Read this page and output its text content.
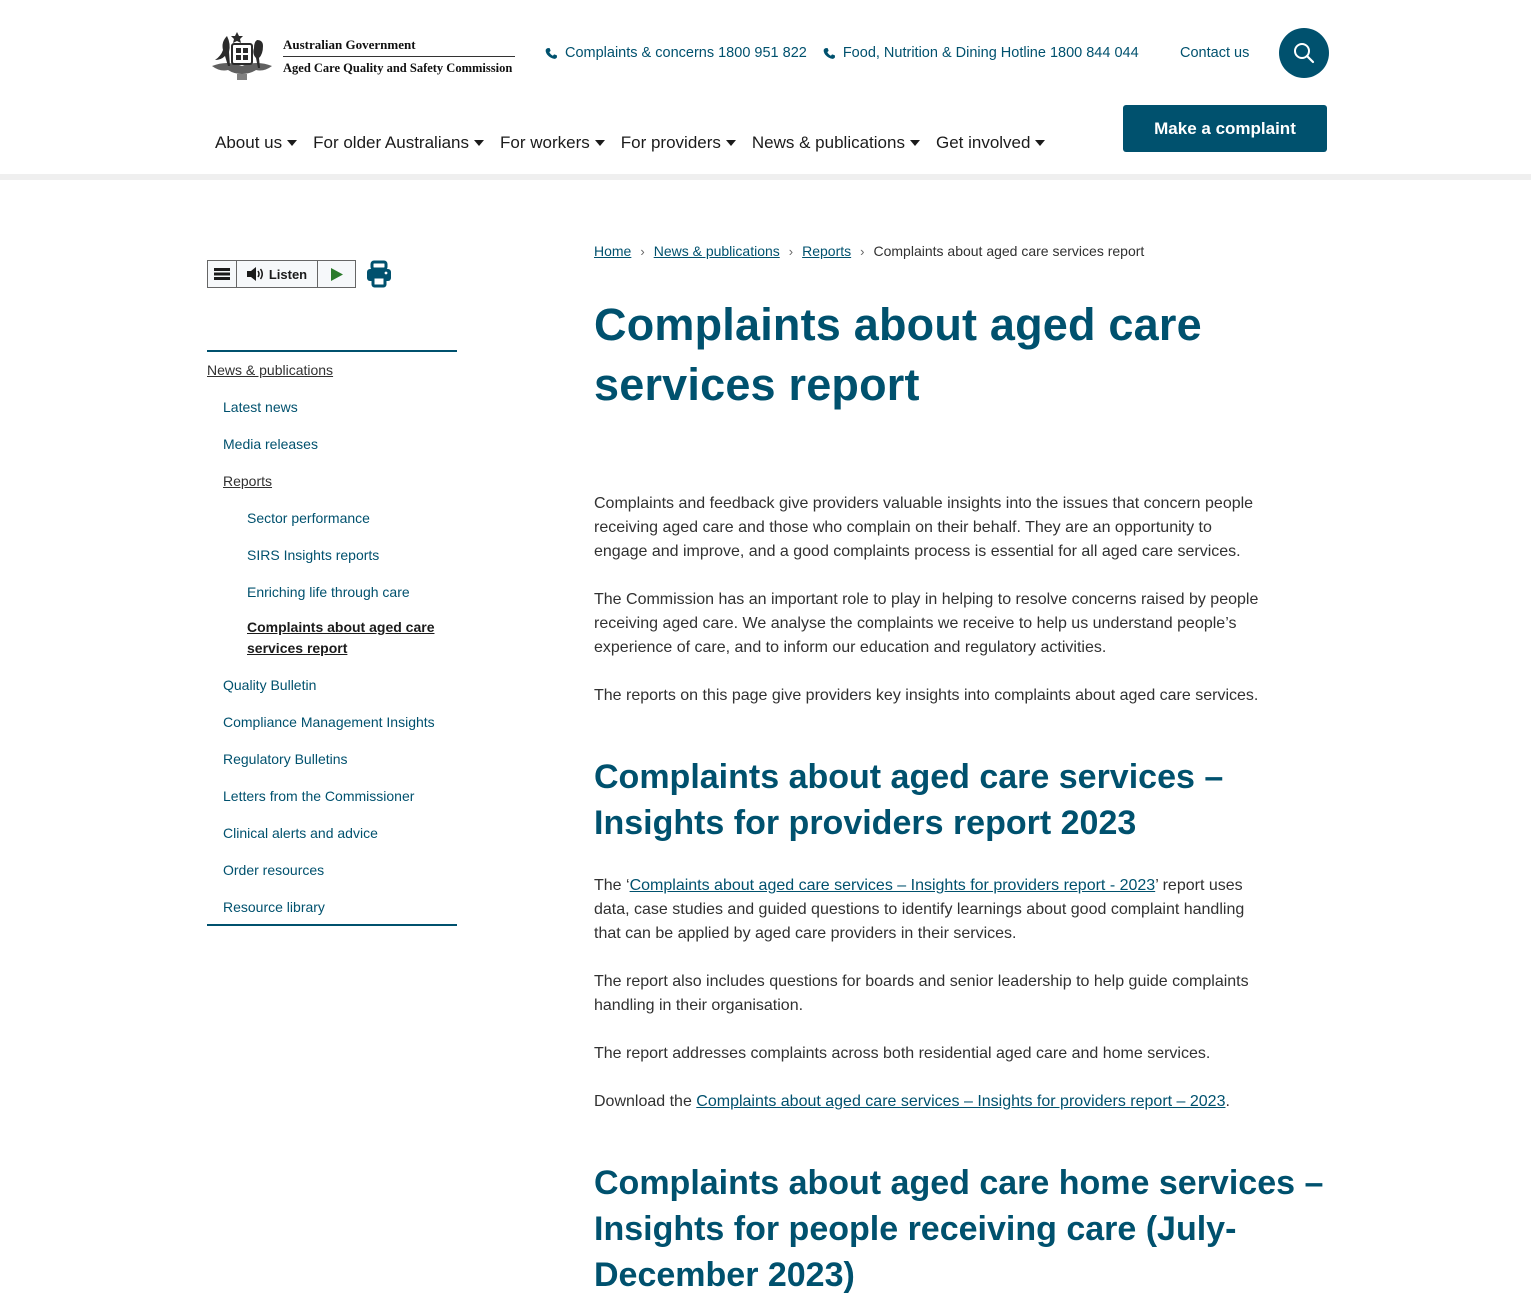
Australian Government
Aged Care Quality and Safety Commission
Complaints & concerns 1800 951 822 Food, Nutrition & Dining Hotline 1800 844 044	Contact us
About us For older Australians For workers For providers News & publications Get involved
Make a complaint
Listen
News & publications
Latest news
Media releases
Reports
Sector performance
SIRS Insights reports
Enriching life through care
Complaints about aged care services report
Quality Bulletin
Compliance Management Insights
Regulatory Bulletins
Letters from the Commissioner
Clinical alerts and advice
Order resources
Resource library
Home › News & publications › Reports › Complaints about aged care services report
Complaints about aged care services report

Complaints and feedback give providers valuable insights into the issues that concern people receiving aged care and those who complain on their behalf. They are an opportunity to engage and improve, and a good complaints process is essential for all aged care services.

The Commission has an important role to play in helping to resolve concerns raised by people receiving aged care. We analyse the complaints we receive to help us understand people’s experience of care, and to inform our education and regulatory activities.

The reports on this page give providers key insights into complaints about aged care services.

Complaints about aged care services – Insights for providers report 2023

The ‘Complaints about aged care services – Insights for providers report - 2023’ report uses data, case studies and guided questions to identify learnings about good complaint handling that can be applied by aged care providers in their services.

The report also includes questions for boards and senior leadership to help guide complaints handling in their organisation.

The report addresses complaints across both residential aged care and home services.

Download the Complaints about aged care services – Insights for providers report – 2023.

Complaints about aged care home services – Insights for people receiving care (July-December 2023)
